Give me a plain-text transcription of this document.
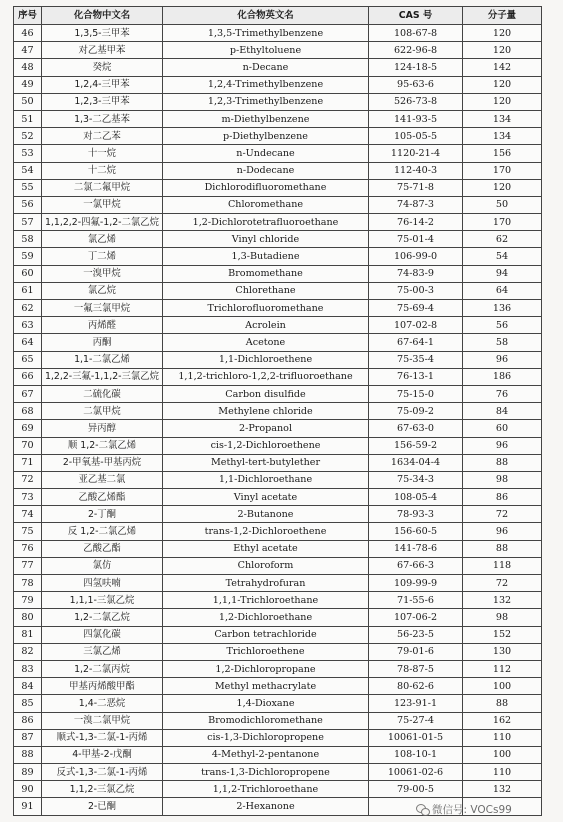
序号	化合物中文名	化合物英文名	CAS 号	分子量
46	1,3,5-三甲苯	1,3,5-Trimethylbenzene	108-67-8	120
47	对乙基甲苯	p-Ethyltoluene	622-96-8	120
48	癸烷	n-Decane	124-18-5	142
49	1,2,4-三甲苯	1,2,4-Trimethylbenzene	95-63-6	120
50	1,2,3-三甲苯	1,2,3-Trimethylbenzene	526-73-8	120
51	1,3-二乙基苯	m-Diethylbenzene	141-93-5	134
52	对二乙苯	p-Diethylbenzene	105-05-5	134
53	十一烷	n-Undecane	1120-21-4	156
54	十二烷	n-Dodecane	112-40-3	170
55	二氯二氟甲烷	Dichlorodifluoromethane	75-71-8	120
56	一氯甲烷	Chloromethane	74-87-3	50
57	1,1,2,2-四氟-1,2-二氯乙烷	1,2-Dichlorotetrafluoroethane	76-14-2	170
58	氯乙烯	Vinyl chloride	75-01-4	62
59	丁二烯	1,3-Butadiene	106-99-0	54
60	一溴甲烷	Bromomethane	74-83-9	94
61	氯乙烷	Chlorethane	75-00-3	64
62	一氟三氯甲烷	Trichlorofluoromethane	75-69-4	136
63	丙烯醛	Acrolein	107-02-8	56
64	丙酮	Acetone	67-64-1	58
65	1,1-二氯乙烯	1,1-Dichloroethene	75-35-4	96
66	1,2,2-三氟-1,1,2-三氯乙烷	1,1,2-trichloro-1,2,2-trifluoroethane	76-13-1	186
67	二硫化碳	Carbon disulfide	75-15-0	76
68	二氯甲烷	Methylene chloride	75-09-2	84
69	异丙醇	2-Propanol	67-63-0	60
70	顺 1,2-二氯乙烯	cis-1,2-Dichloroethene	156-59-2	96
71	2-甲氧基-甲基丙烷	Methyl-tert-butylether	1634-04-4	88
72	亚乙基二氯	1,1-Dichloroethane	75-34-3	98
73	乙酸乙烯酯	Vinyl acetate	108-05-4	86
74	2-丁酮	2-Butanone	78-93-3	72
75	反 1,2-二氯乙烯	trans-1,2-Dichloroethene	156-60-5	96
76	乙酸乙酯	Ethyl acetate	141-78-6	88
77	氯仿	Chloroform	67-66-3	118
78	四氢呋喃	Tetrahydrofuran	109-99-9	72
79	1,1,1-三氯乙烷	1,1,1-Trichloroethane	71-55-6	132
80	1,2-二氯乙烷	1,2-Dichloroethane	107-06-2	98
81	四氯化碳	Carbon tetrachloride	56-23-5	152
82	三氯乙烯	Trichloroethene	79-01-6	130
83	1,2-二氯丙烷	1,2-Dichloropropane	78-87-5	112
84	甲基丙烯酸甲酯	Methyl methacrylate	80-62-6	100
85	1,4-二恶烷	1,4-Dioxane	123-91-1	88
86	一溴二氯甲烷	Bromodichloromethane	75-27-4	162
87	顺式-1,3-二氯-1-丙烯	cis-1,3-Dichloropropene	10061-01-5	110
88	4-甲基-2-戊酮	4-Methyl-2-pentanone	108-10-1	100
89	反式-1,3-二氯-1-丙烯	trans-1,3-Dichloropropene	10061-02-6	110
90	1,1,2-三氯乙烷	1,1,2-Trichloroethane	79-00-5	132
91	2-已酮	2-Hexanone			微信号: VOCs99
